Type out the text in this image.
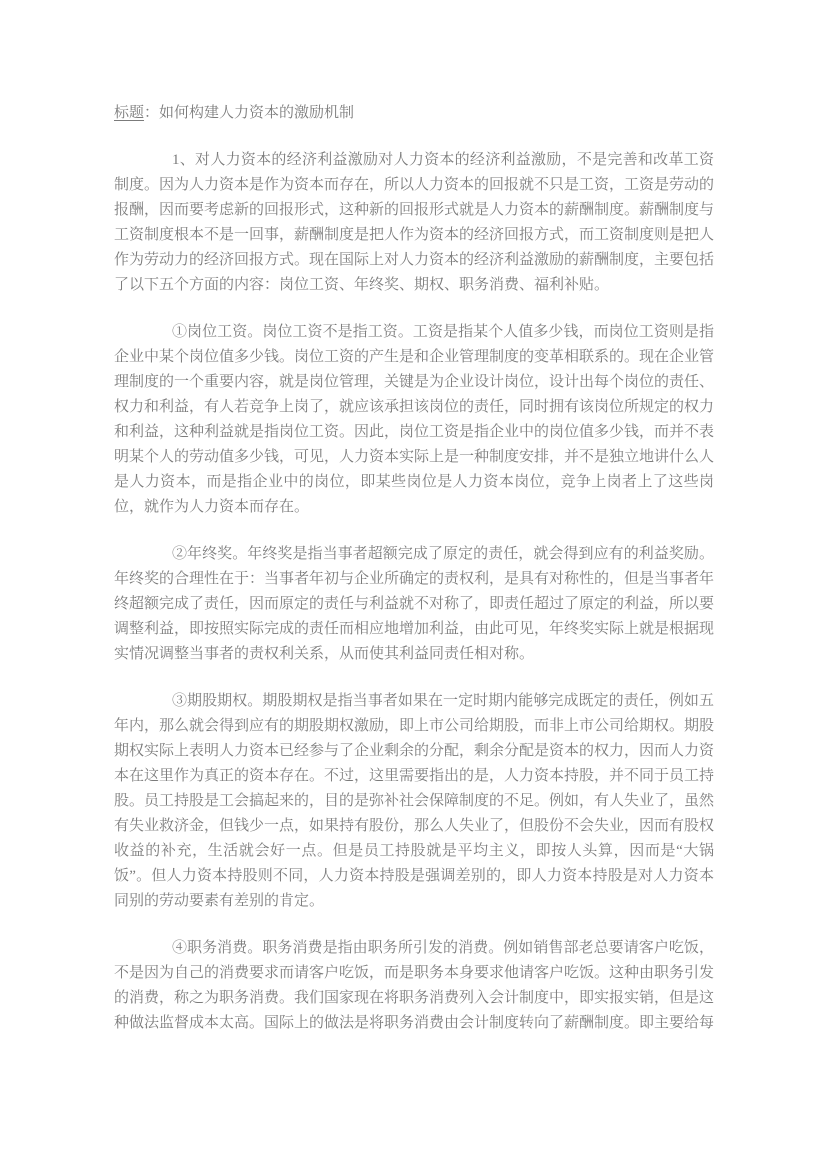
标题：如何构建人力资本的激励机制

1、对人力资本的经济利益激励对人力资本的经济利益激励，不是完善和改革工资制度。因为人力资本是作为资本而存在，所以人力资本的回报就不只是工资，工资是劳动的报酬，因而要考虑新的回报形式，这种新的回报形式就是人力资本的薪酬制度。薪酬制度与工资制度根本不是一回事，薪酬制度是把人作为资本的经济回报方式，而工资制度则是把人作为劳动力的经济回报方式。现在国际上对人力资本的经济利益激励的薪酬制度，主要包括了以下五个方面的内容：岗位工资、年终奖、期权、职务消费、福利补贴。

①岗位工资。岗位工资不是指工资。工资是指某个人值多少钱，而岗位工资则是指企业中某个岗位值多少钱。岗位工资的产生是和企业管理制度的变革相联系的。现在企业管理制度的一个重要内容，就是岗位管理，关键是为企业设计岗位，设计出每个岗位的责任、权力和利益，有人若竞争上岗了，就应该承担该岗位的责任，同时拥有该岗位所规定的权力和利益，这种利益就是指岗位工资。因此，岗位工资是指企业中的岗位值多少钱，而并不表明某个人的劳动值多少钱，可见，人力资本实际上是一种制度安排，并不是独立地讲什么人是人力资本，而是指企业中的岗位，即某些岗位是人力资本岗位，竞争上岗者上了这些岗位，就作为人力资本而存在。

②年终奖。年终奖是指当事者超额完成了原定的责任，就会得到应有的利益奖励。年终奖的合理性在于：当事者年初与企业所确定的责权利，是具有对称性的，但是当事者年终超额完成了责任，因而原定的责任与利益就不对称了，即责任超过了原定的利益，所以要调整利益，即按照实际完成的责任而相应地增加利益，由此可见，年终奖实际上就是根据现实情况调整当事者的责权利关系，从而使其利益同责任相对称。

③期股期权。期股期权是指当事者如果在一定时期内能够完成既定的责任，例如五年内，那么就会得到应有的期股期权激励，即上市公司给期股，而非上市公司给期权。期股期权实际上表明人力资本已经参与了企业剩余的分配，剩余分配是资本的权力，因而人力资本在这里作为真正的资本存在。不过，这里需要指出的是，人力资本持股，并不同于员工持股。员工持股是工会搞起来的，目的是弥补社会保障制度的不足。例如，有人失业了，虽然有失业救济金，但钱少一点，如果持有股份，那么人失业了，但股份不会失业，因而有股权收益的补充，生活就会好一点。但是员工持股就是平均主义，即按人头算，因而是“大锅饭”。但人力资本持股则不同，人力资本持股是强调差别的，即人力资本持股是对人力资本同别的劳动要素有差别的肯定。

④职务消费。职务消费是指由职务所引发的消费。例如销售部老总要请客户吃饭，不是因为自己的消费要求而请客户吃饭，而是职务本身要求他请客户吃饭。这种由职务引发的消费，称之为职务消费。我们国家现在将职务消费列入会计制度中，即实报实销，但是这种做法监督成本太高。国际上的做法是将职务消费由会计制度转向了薪酬制度。即主要给每
